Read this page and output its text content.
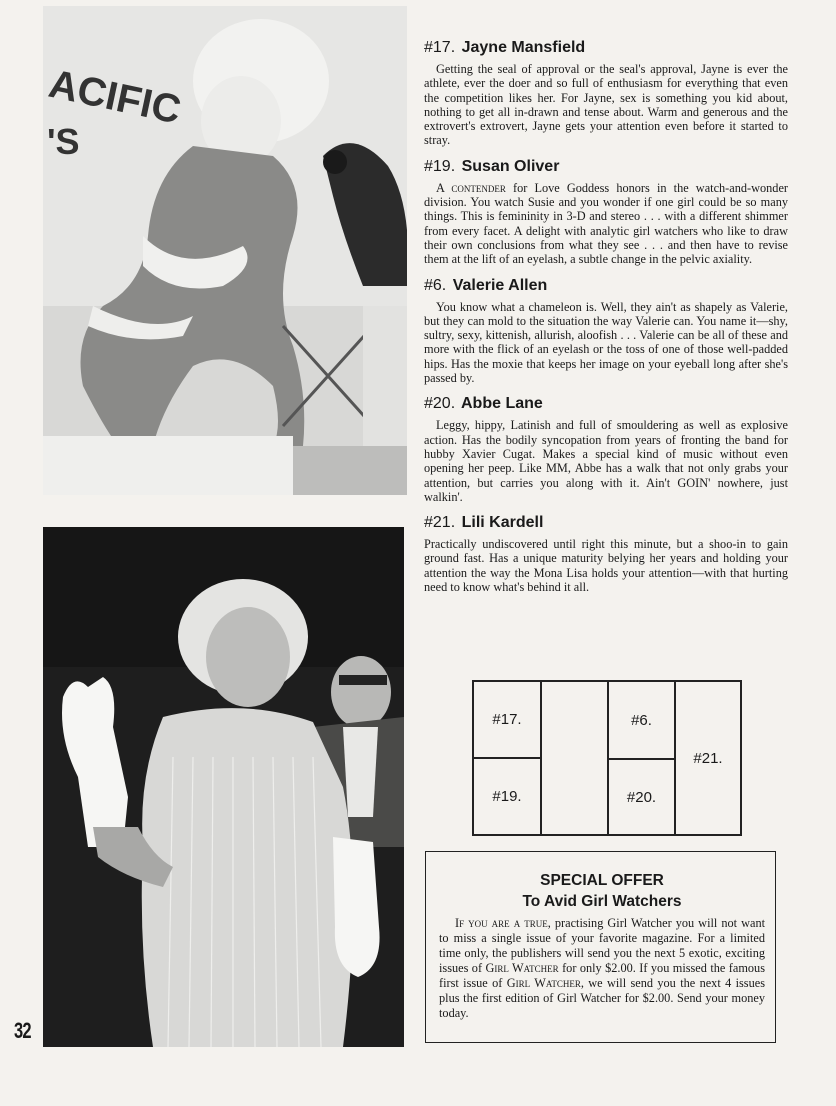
ACIFIC
'S
32
#17. Jayne Mansfield

Getting the seal of approval or the seal's approval, Jayne is ever the athlete, ever the doer and so full of enthusiasm for everything that even the competition likes her. For Jayne, sex is something you kid about, nothing to get all in-drawn and tense about. Warm and generous and the extrovert's extrovert, Jayne gets your attention even before it started to stray.

#19. Susan Oliver

A contender for Love Goddess honors in the watch-and-wonder division. You watch Susie and you wonder if one girl could be so many things. This is femininity in 3-D and stereo . . . with a different shimmer from every facet. A delight with analytic girl watchers who like to draw their own conclusions from what they see . . . and then have to revise them at the lift of an eyelash, a subtle change in the pelvic axiality.

#6. Valerie Allen

You know what a chameleon is. Well, they ain't as shapely as Valerie, but they can mold to the situation the way Valerie can. You name it—shy, sultry, sexy, kittenish, allurish, aloofish . . . Valerie can be all of these and more with the flick of an eyelash or the toss of one of those well-padded hips. Has the moxie that keeps her image on your eyeball long after she's passed by.

#20. Abbe Lane

Leggy, hippy, Latinish and full of smouldering as well as explosive action. Has the bodily syncopation from years of fronting the band for hubby Xavier Cugat. Makes a special kind of music without even opening her peep. Like MM, Abbe has a walk that not only grabs your attention, but carries you along with it. Ain't GOIN' nowhere, just walkin'.

#21. Lili Kardell

Practically undiscovered until right this minute, but a shoo-in to gain ground fast. Has a unique maturity belying her years and holding your attention the way the Mona Lisa holds your attention—with that hurting need to know what's behind it all.

#17.
#19.
#6.
#20.
#21.
SPECIAL OFFER
To Avid Girl Watchers

If you are a true, practising Girl Watcher you will not want to miss a single issue of your favorite magazine. For a limited time only, the publishers will send you the next 5 exotic, exciting issues of Girl Watcher for only $2.00. If you missed the famous first issue of Girl Watcher, we will send you the next 4 issues plus the first edition of Girl Watcher for $2.00. Send your money today.
